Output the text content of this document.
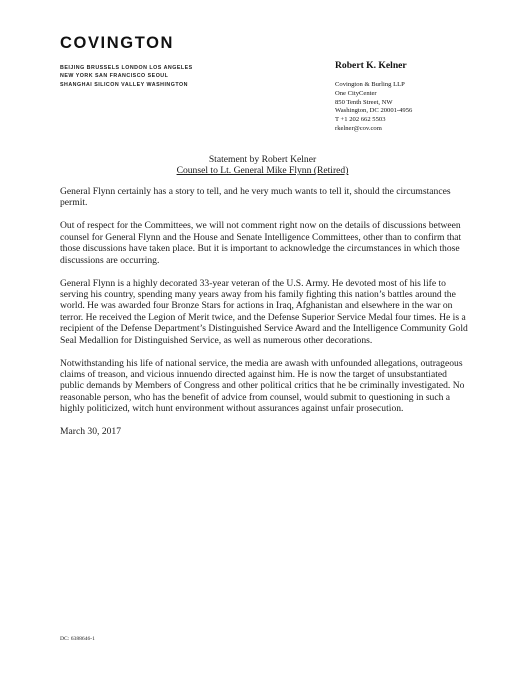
COVINGTON
BEIJING BRUSSELS LONDON LOS ANGELES
NEW YORK SAN FRANCISCO SEOUL
SHANGHAI SILICON VALLEY WASHINGTON
Robert K. Kelner
Covington & Burling LLP
One CityCenter
850 Tenth Street, NW
Washington, DC 20001-4956
T +1 202 662 5503
rkelner@cov.com
Statement by Robert Kelner
Counsel to Lt. General Mike Flynn (Retired)

General Flynn certainly has a story to tell, and he very much wants to tell it, should the circumstances permit.

Out of respect for the Committees, we will not comment right now on the details of discussions between counsel for General Flynn and the House and Senate Intelligence Committees, other than to confirm that those discussions have taken place. But it is important to acknowledge the circumstances in which those discussions are occurring.

General Flynn is a highly decorated 33-year veteran of the U.S. Army. He devoted most of his life to serving his country, spending many years away from his family fighting this nation’s battles around the world. He was awarded four Bronze Stars for actions in Iraq, Afghanistan and elsewhere in the war on terror. He received the Legion of Merit twice, and the Defense Superior Service Medal four times. He is a recipient of the Defense Department’s Distinguished Service Award and the Intelligence Community Gold Seal Medallion for Distinguished Service, as well as numerous other decorations.

Notwithstanding his life of national service, the media are awash with unfounded allegations, outrageous claims of treason, and vicious innuendo directed against him. He is now the target of unsubstantiated public demands by Members of Congress and other political critics that he be criminally investigated. No reasonable person, who has the benefit of advice from counsel, would submit to questioning in such a highly politicized, witch hunt environment without assurances against unfair prosecution.

March 30, 2017

DC: 6388646-1
